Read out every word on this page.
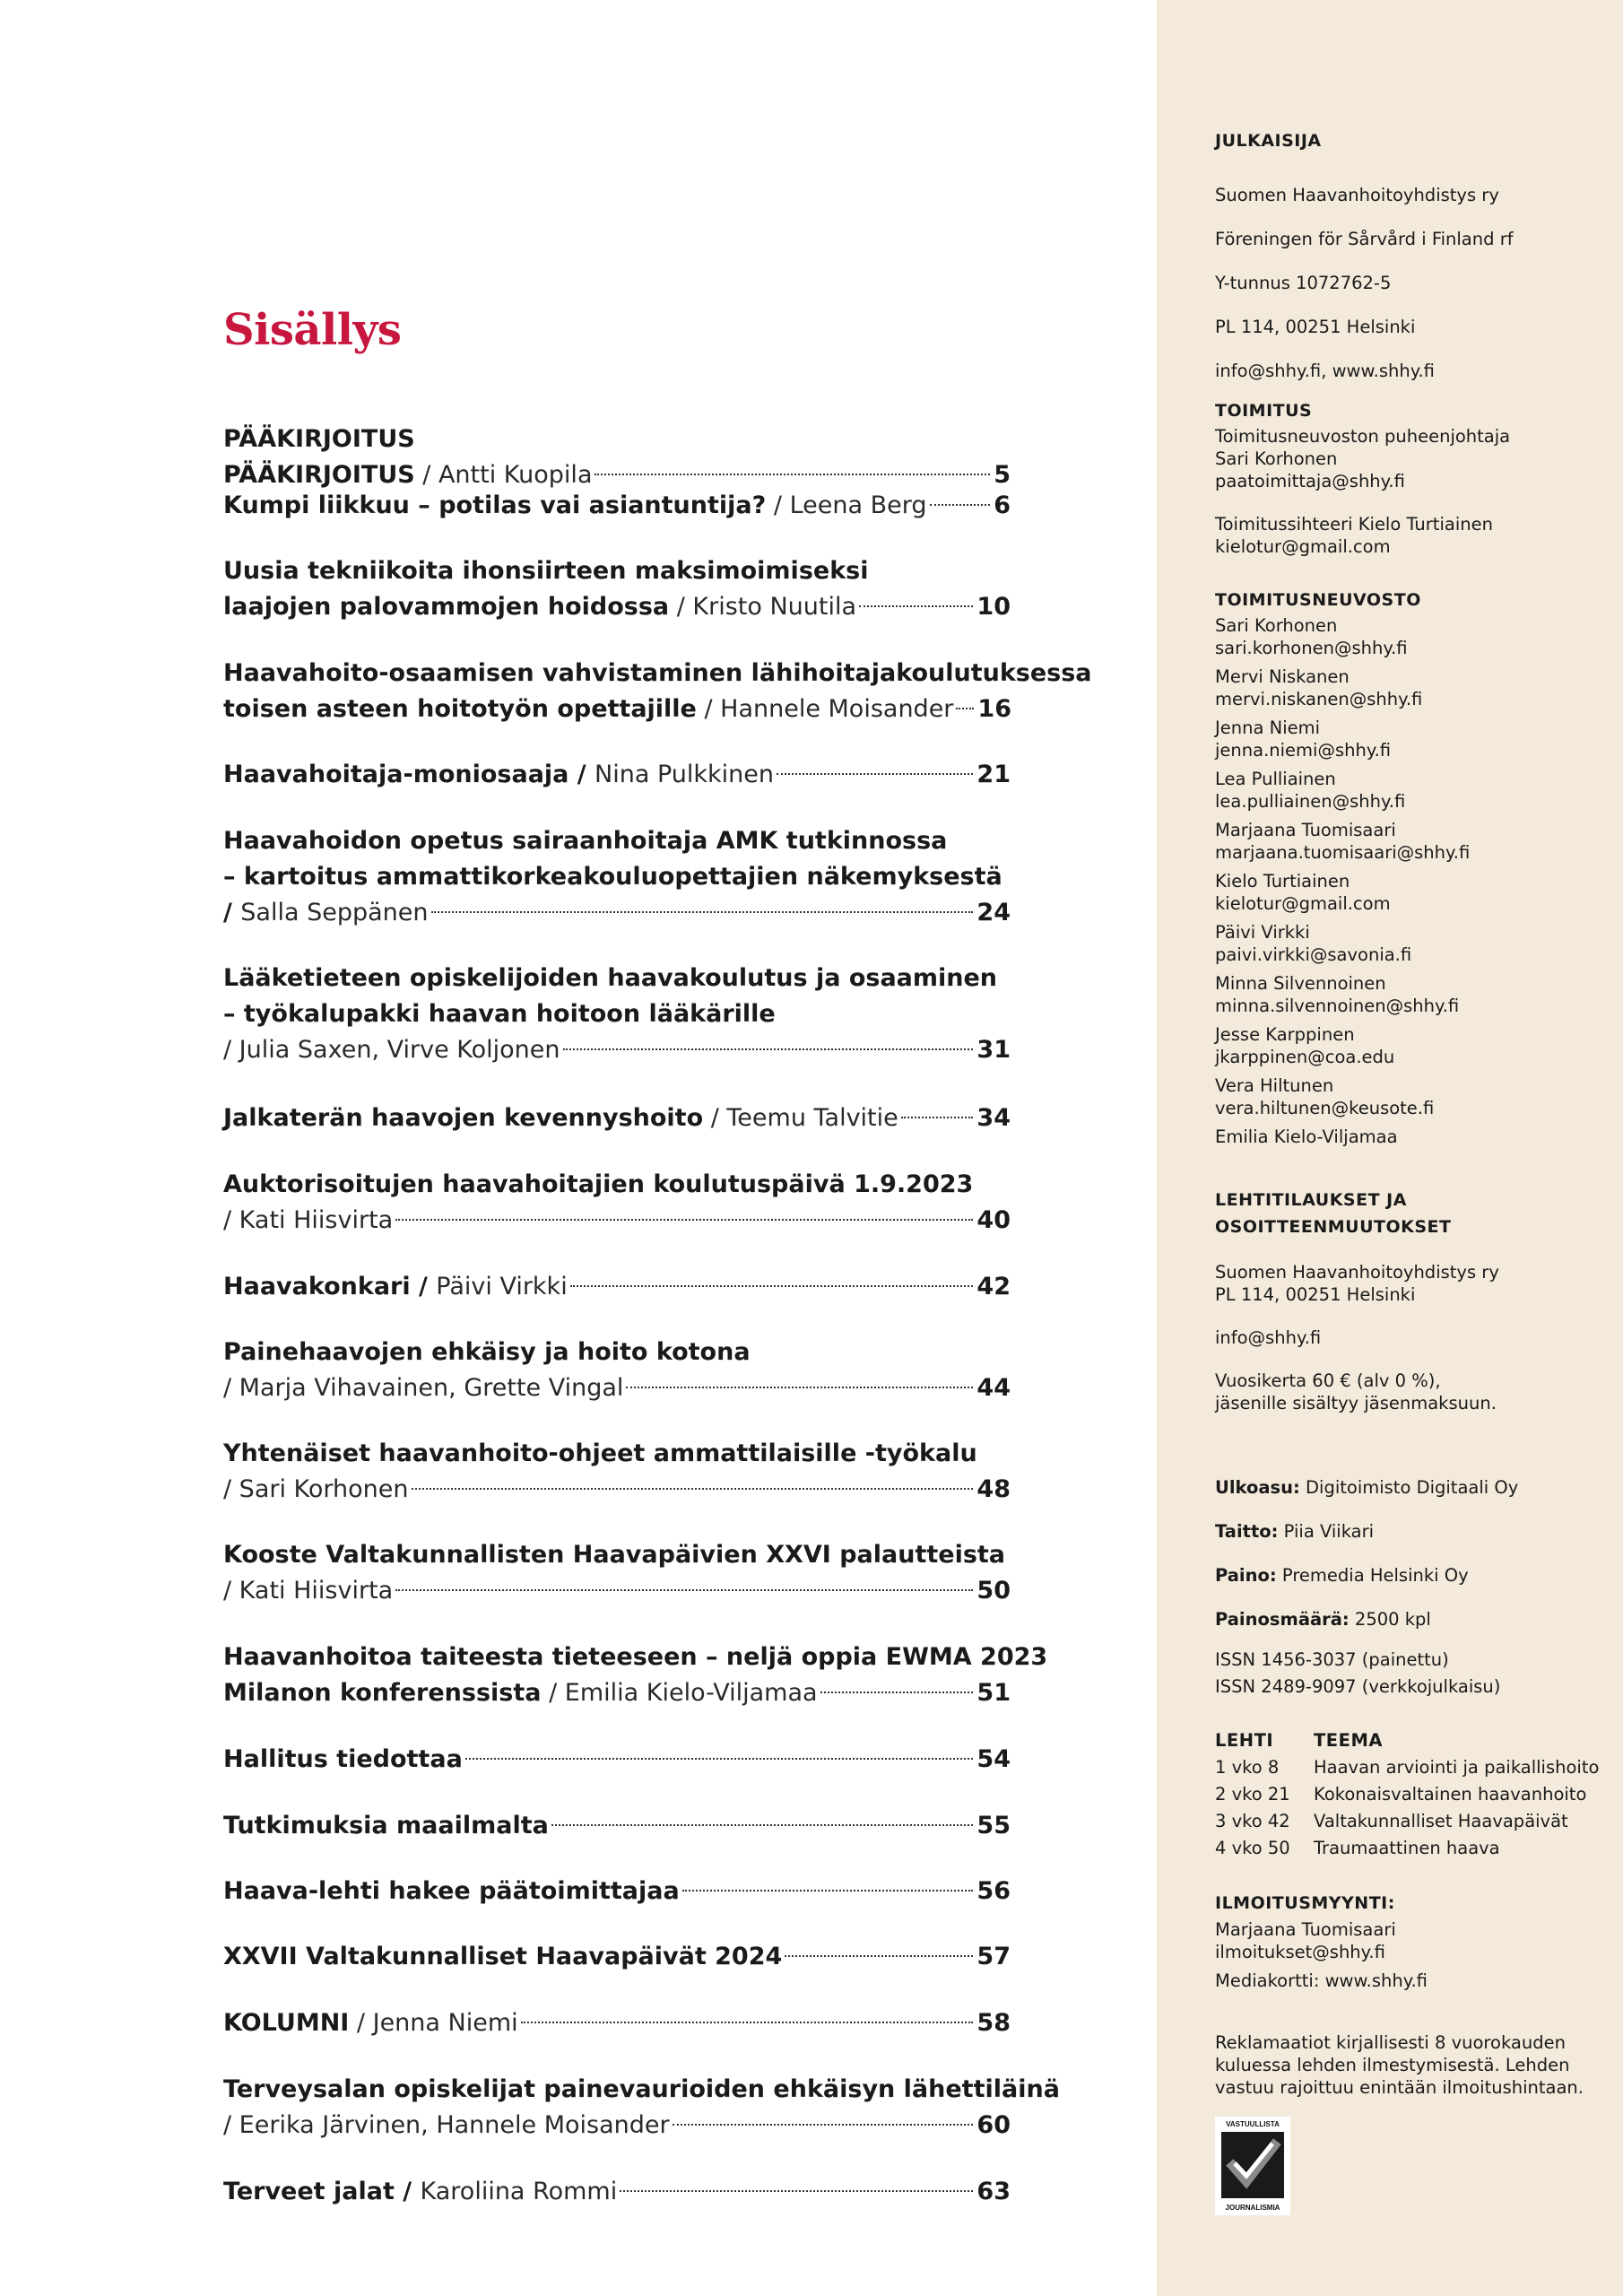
Sisällys
PÄÄKIRJOITUS
PÄÄKIRJOITUS / Antti Kuopila	5
Kumpi liikkuu – potilas vai asiantuntija? / Leena Berg	6
Uusia tekniikoita ihonsiirteen maksimoimiseksi
laajojen palovammojen hoidossa / Kristo Nuutila	10
Haavahoito-osaamisen vahvistaminen lähihoitajakoulutuksessa
toisen asteen hoitotyön opettajille / Hannele Moisander 16
Haavahoitaja-moniosaaja / Nina Pulkkinen	21
Haavahoidon opetus sairaanhoitaja AMK tutkinnossa
– kartoitus ammattikorkeakouluopettajien näkemyksestä
/ Salla Seppänen	24
Lääketieteen opiskelijoiden haavakoulutus ja osaaminen
– työkalupakki haavan hoitoon lääkärille
/ Julia Saxen, Virve Koljonen	31
Jalkaterän haavojen kevennyshoito / Teemu Talvitie	34
Auktorisoitujen haavahoitajien koulutuspäivä 1.9.2023
/ Kati Hiisvirta	40
Haavakonkari / Päivi Virkki	42
Painehaavojen ehkäisy ja hoito kotona
/ Marja Vihavainen, Grette Vingal	44
Yhtenäiset haavanhoito-ohjeet ammattilaisille -työkalu
/ Sari Korhonen	48
Kooste Valtakunnallisten Haavapäivien XXVI palautteista
/ Kati Hiisvirta	50
Haavanhoitoa taiteesta tieteeseen – neljä oppia EWMA 2023
Milanon konferenssista / Emilia Kielo-Viljamaa	51
Hallitus tiedottaa	54
Tutkimuksia maailmalta	55
Haava-lehti hakee päätoimittajaa	56
XXVII Valtakunnalliset Haavapäivät 2024	57
KOLUMNI / Jenna Niemi	58
Terveysalan opiskelijat painevaurioiden ehkäisyn lähettiläinä
/ Eerika Järvinen, Hannele Moisander	60
Terveet jalat / Karoliina Rommi	63
JULKAISIJA
Suomen Haavanhoitoyhdistys ry
Föreningen för Sårvård i Finland rf
Y-tunnus 1072762-5
PL 114, 00251 Helsinki
info@shhy.fi, www.shhy.fi
TOIMITUS
Toimitusneuvoston puheenjohtaja
Sari Korhonen
paatoimittaja@shhy.fi
Toimitussihteeri Kielo Turtiainen
kielotur@gmail.com
TOIMITUSNEUVOSTO
Sari Korhonen
sari.korhonen@shhy.fi
Mervi Niskanen
mervi.niskanen@shhy.fi
Jenna Niemi
jenna.niemi@shhy.fi
Lea Pulliainen
lea.pulliainen@shhy.fi
Marjaana Tuomisaari
marjaana.tuomisaari@shhy.fi
Kielo Turtiainen
kielotur@gmail.com
Päivi Virkki
paivi.virkki@savonia.fi
Minna Silvennoinen
minna.silvennoinen@shhy.fi
Jesse Karppinen
jkarppinen@coa.edu
Vera Hiltunen
vera.hiltunen@keusote.fi
Emilia Kielo-Viljamaa
LEHTITILAUKSET JA
OSOITTEENMUUTOKSET
Suomen Haavanhoitoyhdistys ry
PL 114, 00251 Helsinki
info@shhy.fi
Vuosikerta 60 € (alv 0 %),
jäsenille sisältyy jäsenmaksuun.
Ulkoasu: Digitoimisto Digitaali Oy
Taitto: Piia Viikari
Paino: Premedia Helsinki Oy
Painosmäärä: 2500 kpl
ISSN 1456-3037 (painettu)
ISSN 2489-9097 (verkkojulkaisu)
LEHTI	TEEMA
1 vko 8	Haavan arviointi ja paikallishoito
2 vko 21	Kokonaisvaltainen haavanhoito
3 vko 42	Valtakunnalliset Haavapäivät
4 vko 50	Traumaattinen haava
ILMOITUSMYYNTI:
Marjaana Tuomisaari
ilmoitukset@shhy.fi
Mediakortti: www.shhy.fi
Reklamaatiot kirjallisesti 8 vuorokauden
kuluessa lehden ilmestymisestä. Lehden
vastuu rajoittuu enintään ilmoitushintaan.
VASTUULLISTA
JOURNALISMIA
